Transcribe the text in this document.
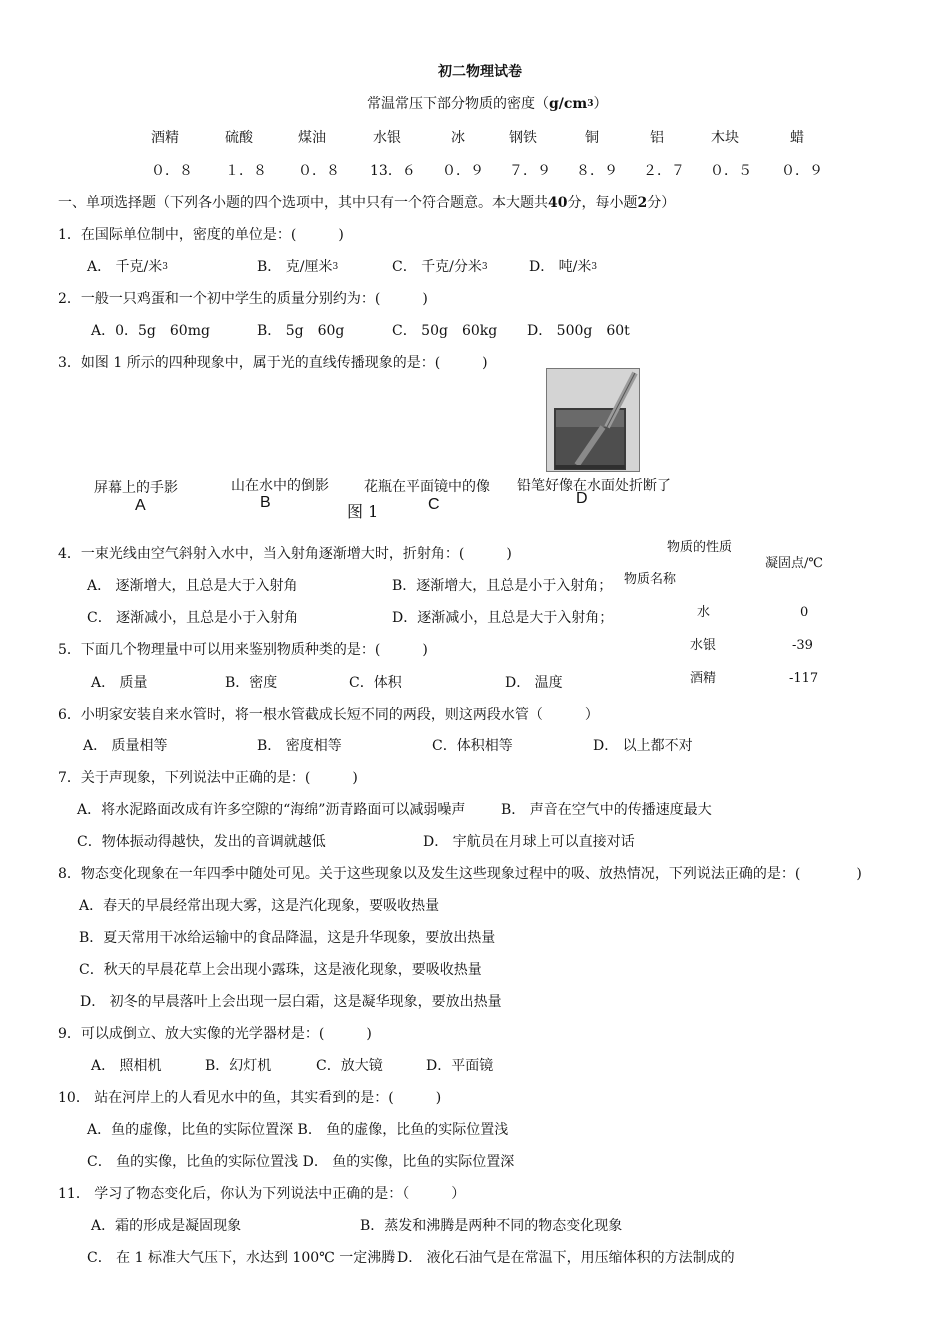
初二物理试卷
常温常压下部分物质的密度$(g/cm^3)$
酒精	硫酸	煤油	水银	冰	钢铁	铜	铝	木块	蜡
０．８ １．８ ０．８ 13．６ ０．９ ７．９ ８．９ ２．７ ０．５ ０．９
一、单项选择题（下列各小题的四个选项中，其中只有一个符合题意。本大题共40分，每小题2分）
1．在国际单位制中，密度的单位是：(　　　)
A． 千克/米$^3$	B． 克/厘米$^3$	C． 千克/分米$^3$	D． 吨/米$^3$
2．一般一只鸡蛋和一个初中学生的质量分别约为：(　　　)
A．0．5g　60mg	B． 5g　60g	C． 50g　60kg D． 500g　60t
3．如图 1 所示的四种现象中，属于光的直线传播现象的是：(　　　)
屏幕上的手影	山在水中的倒影	花瓶在平面镜中的像 铅笔好像在水面处折断了
A	B	C	D
图 1
物质的性质
凝固点/℃
物质名称
水	0
水银	-39
酒精	-117
4．一束光线由空气斜射入水中，当入射角逐渐增大时，折射角：(　　　)
A． 逐渐增大，且总是大于入射角	B．逐渐增大，且总是小于入射角；
C． 逐渐减小，且总是小于入射角	D．逐渐减小，且总是大于入射角；
5．下面几个物理量中可以用来鉴别物质种类的是：(　　　)
A． 质量	B．密度	C．体积	D． 温度
6．小明家安装自来水管时，将一根水管截成长短不同的两段，则这两段水管（　　　）
A． 质量相等	B． 密度相等	C．体积相等	D． 以上都不对
7．关于声现象，下列说法中正确的是：(　　　)
A．将水泥路面改成有许多空隙的“海绵”沥青路面可以减弱噪声	B． 声音在空气中的传播速度最大
C．物体振动得越快，发出的音调就越低	D． 宇航员在月球上可以直接对话
8．物态变化现象在一年四季中随处可见。关于这些现象以及发生这些现象过程中的吸、放热情况，下列说法正确的是：(　　　　)
A．春天的早晨经常出现大雾，这是汽化现象，要吸收热量
B．夏天常用干冰给运输中的食品降温，这是升华现象，要放出热量
C．秋天的早晨花草上会出现小露珠，这是液化现象，要吸收热量
D． 初冬的早晨落叶上会出现一层白霜，这是凝华现象，要放出热量
9．可以成倒立、放大实像的光学器材是：(　　　)
A． 照相机	B．幻灯机	C．放大镜	D．平面镜
10． 站在河岸上的人看见水中的鱼，其实看到的是：(　　　)
A．鱼的虚像，比鱼的实际位置深 B． 鱼的虚像，比鱼的实际位置浅
C． 鱼的实像，比鱼的实际位置浅 D． 鱼的实像，比鱼的实际位置深
11． 学习了物态变化后，你认为下列说法中正确的是：（　　　）
A．霜的形成是凝固现象	B．蒸发和沸腾是两种不同的物态变化现象
C． 在 1 标准大气压下，水达到 100℃ 一定沸腾 D． 液化石油气是在常温下，用压缩体积的方法制成的
